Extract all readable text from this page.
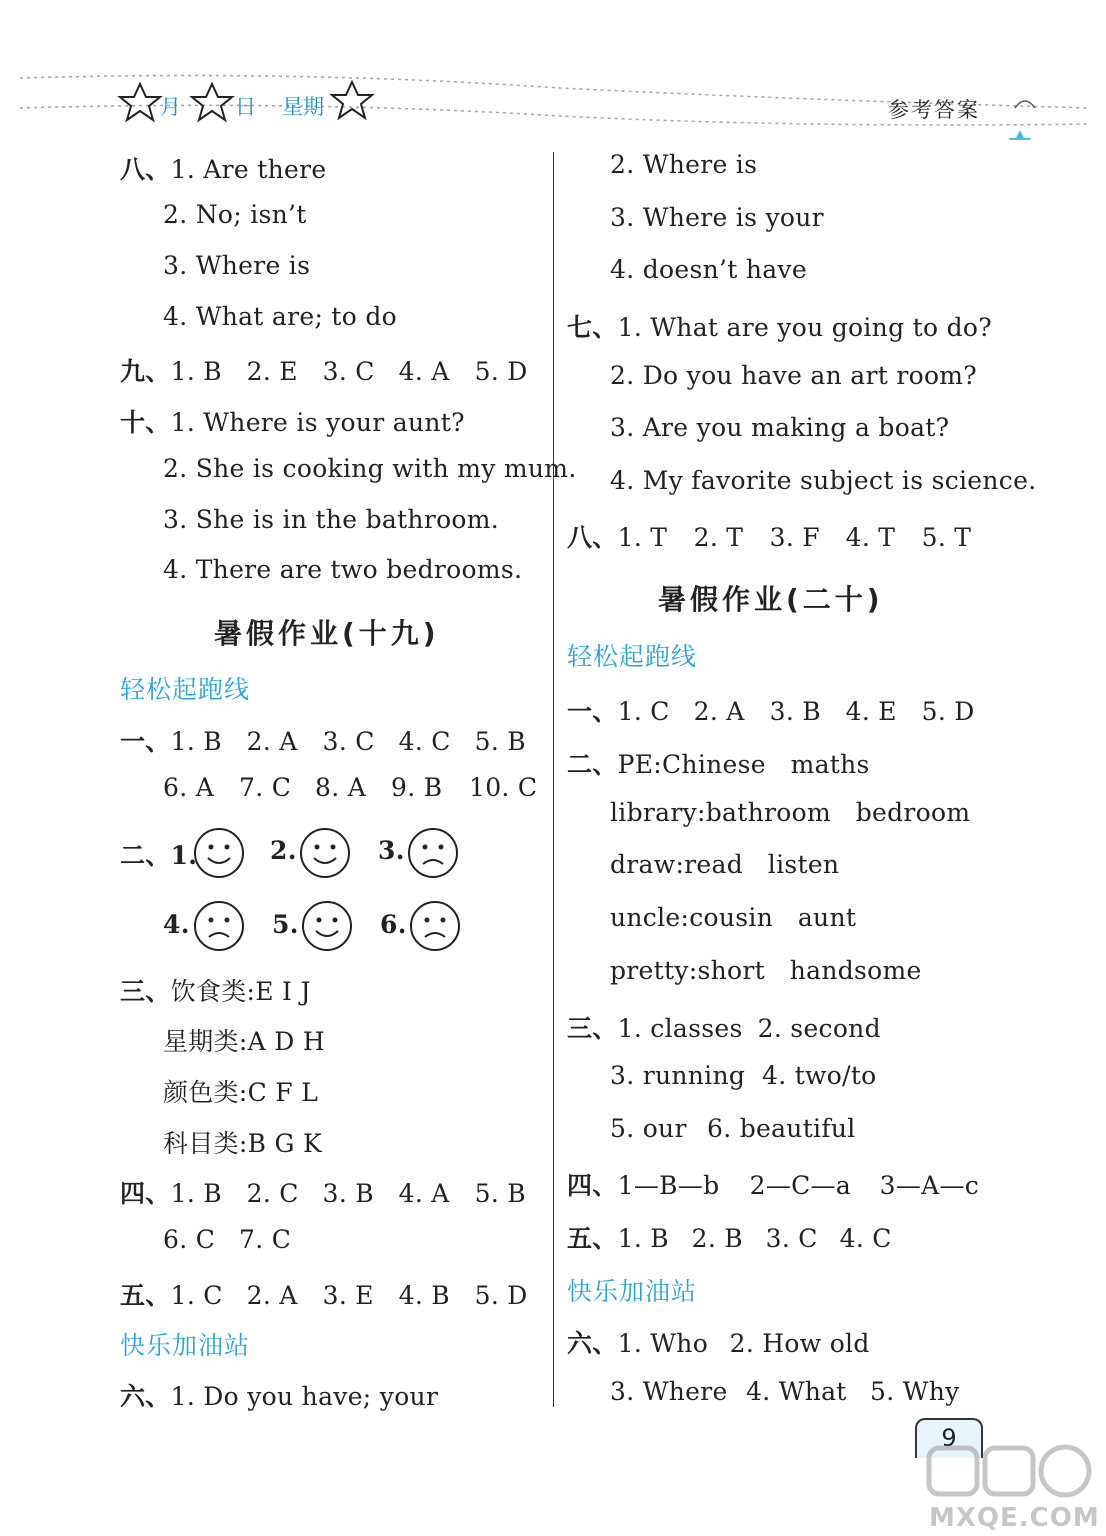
月	日 星期	参考答案
八、1. Are there
2. No; isn’t
3. Where is
4. What are; to do
九、1. B 2. E 3. C 4. A 5. D
十、1. Where is your aunt?
2. She is cooking with my mum.
3. She is in the bathroom.
4. There are two bedrooms.
暑假作业(十九)
轻松起跑线
一、1. B 2. A 3. C 4. C 5. B
6. A 7. C 8. A 9. B 10. C
二、1.	2.	3.
4.	5.	6.
三、饮食类:E I J
星期类:A D H
颜色类:C F L
科目类:B G K
四、1. B 2. C 3. B 4. A 5. B
6. C 7. C
五、1. C 2. A 3. E 4. B 5. D
快乐加油站
六、1. Do you have; your
2. Where is
3. Where is your
4. doesn’t have
七、1. What are you going to do?
2. Do you have an art room?
3. Are you making a boat?
4. My favorite subject is science.
八、1. T 2. T 3. F 4. T 5. T
暑假作业(二十)
轻松起跑线
一、1. C 2. A 3. B 4. E 5. D
二、PE:Chinese   maths
library:bathroom   bedroom
draw:read   listen
uncle:cousin   aunt
pretty:short   handsome
三、1. classes 2. second
3. running 4. two/to
5. our 6. beautiful
四、1—B—b 2—C—a 3—A—c
五、1. B 2. B 3. C 4. C
快乐加油站
六、1. Who 2. How old
3. Where 4. What 5. Why
9
MXQE.COM
